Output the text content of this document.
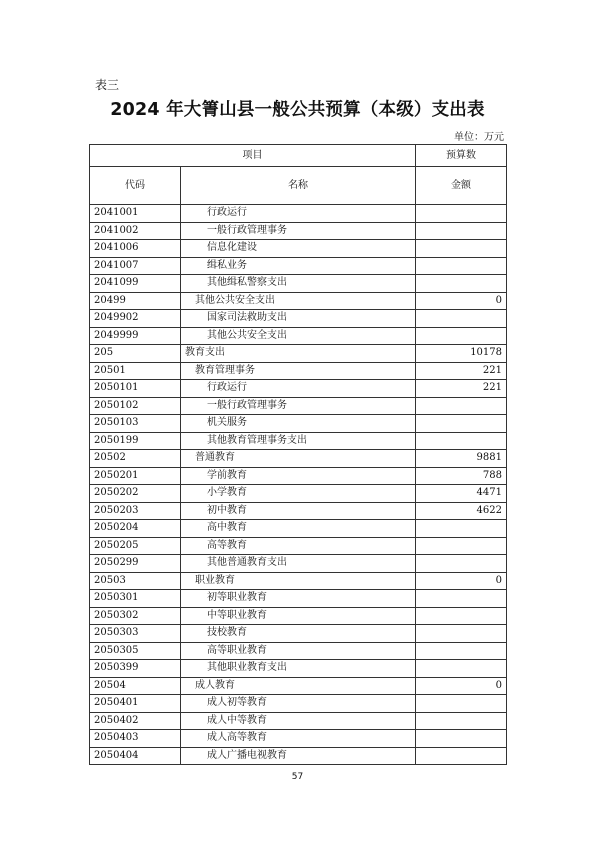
表三
2024 年大箐山县一般公共预算（本级）支出表
单位：万元
项目		预算数
代码	名称	金额
2041001	行政运行	
2041002	一般行政管理事务	
2041006	信息化建设	
2041007	缉私业务	
2041099	其他缉私警察支出	
20499	其他公共安全支出	0
2049902	国家司法救助支出	
2049999	其他公共安全支出	
205	教育支出	10178
20501	教育管理事务	221
2050101	行政运行	221
2050102	一般行政管理事务	
2050103	机关服务	
2050199	其他教育管理事务支出	
20502	普通教育	9881
2050201	学前教育	788
2050202	小学教育	4471
2050203	初中教育	4622
2050204	高中教育	
2050205	高等教育	
2050299	其他普通教育支出	
20503	职业教育	0
2050301	初等职业教育	
2050302	中等职业教育	
2050303	技校教育	
2050305	高等职业教育	
2050399	其他职业教育支出	
20504	成人教育	0
2050401	成人初等教育	
2050402	成人中等教育	
2050403	成人高等教育	
2050404	成人广播电视教育	
57
